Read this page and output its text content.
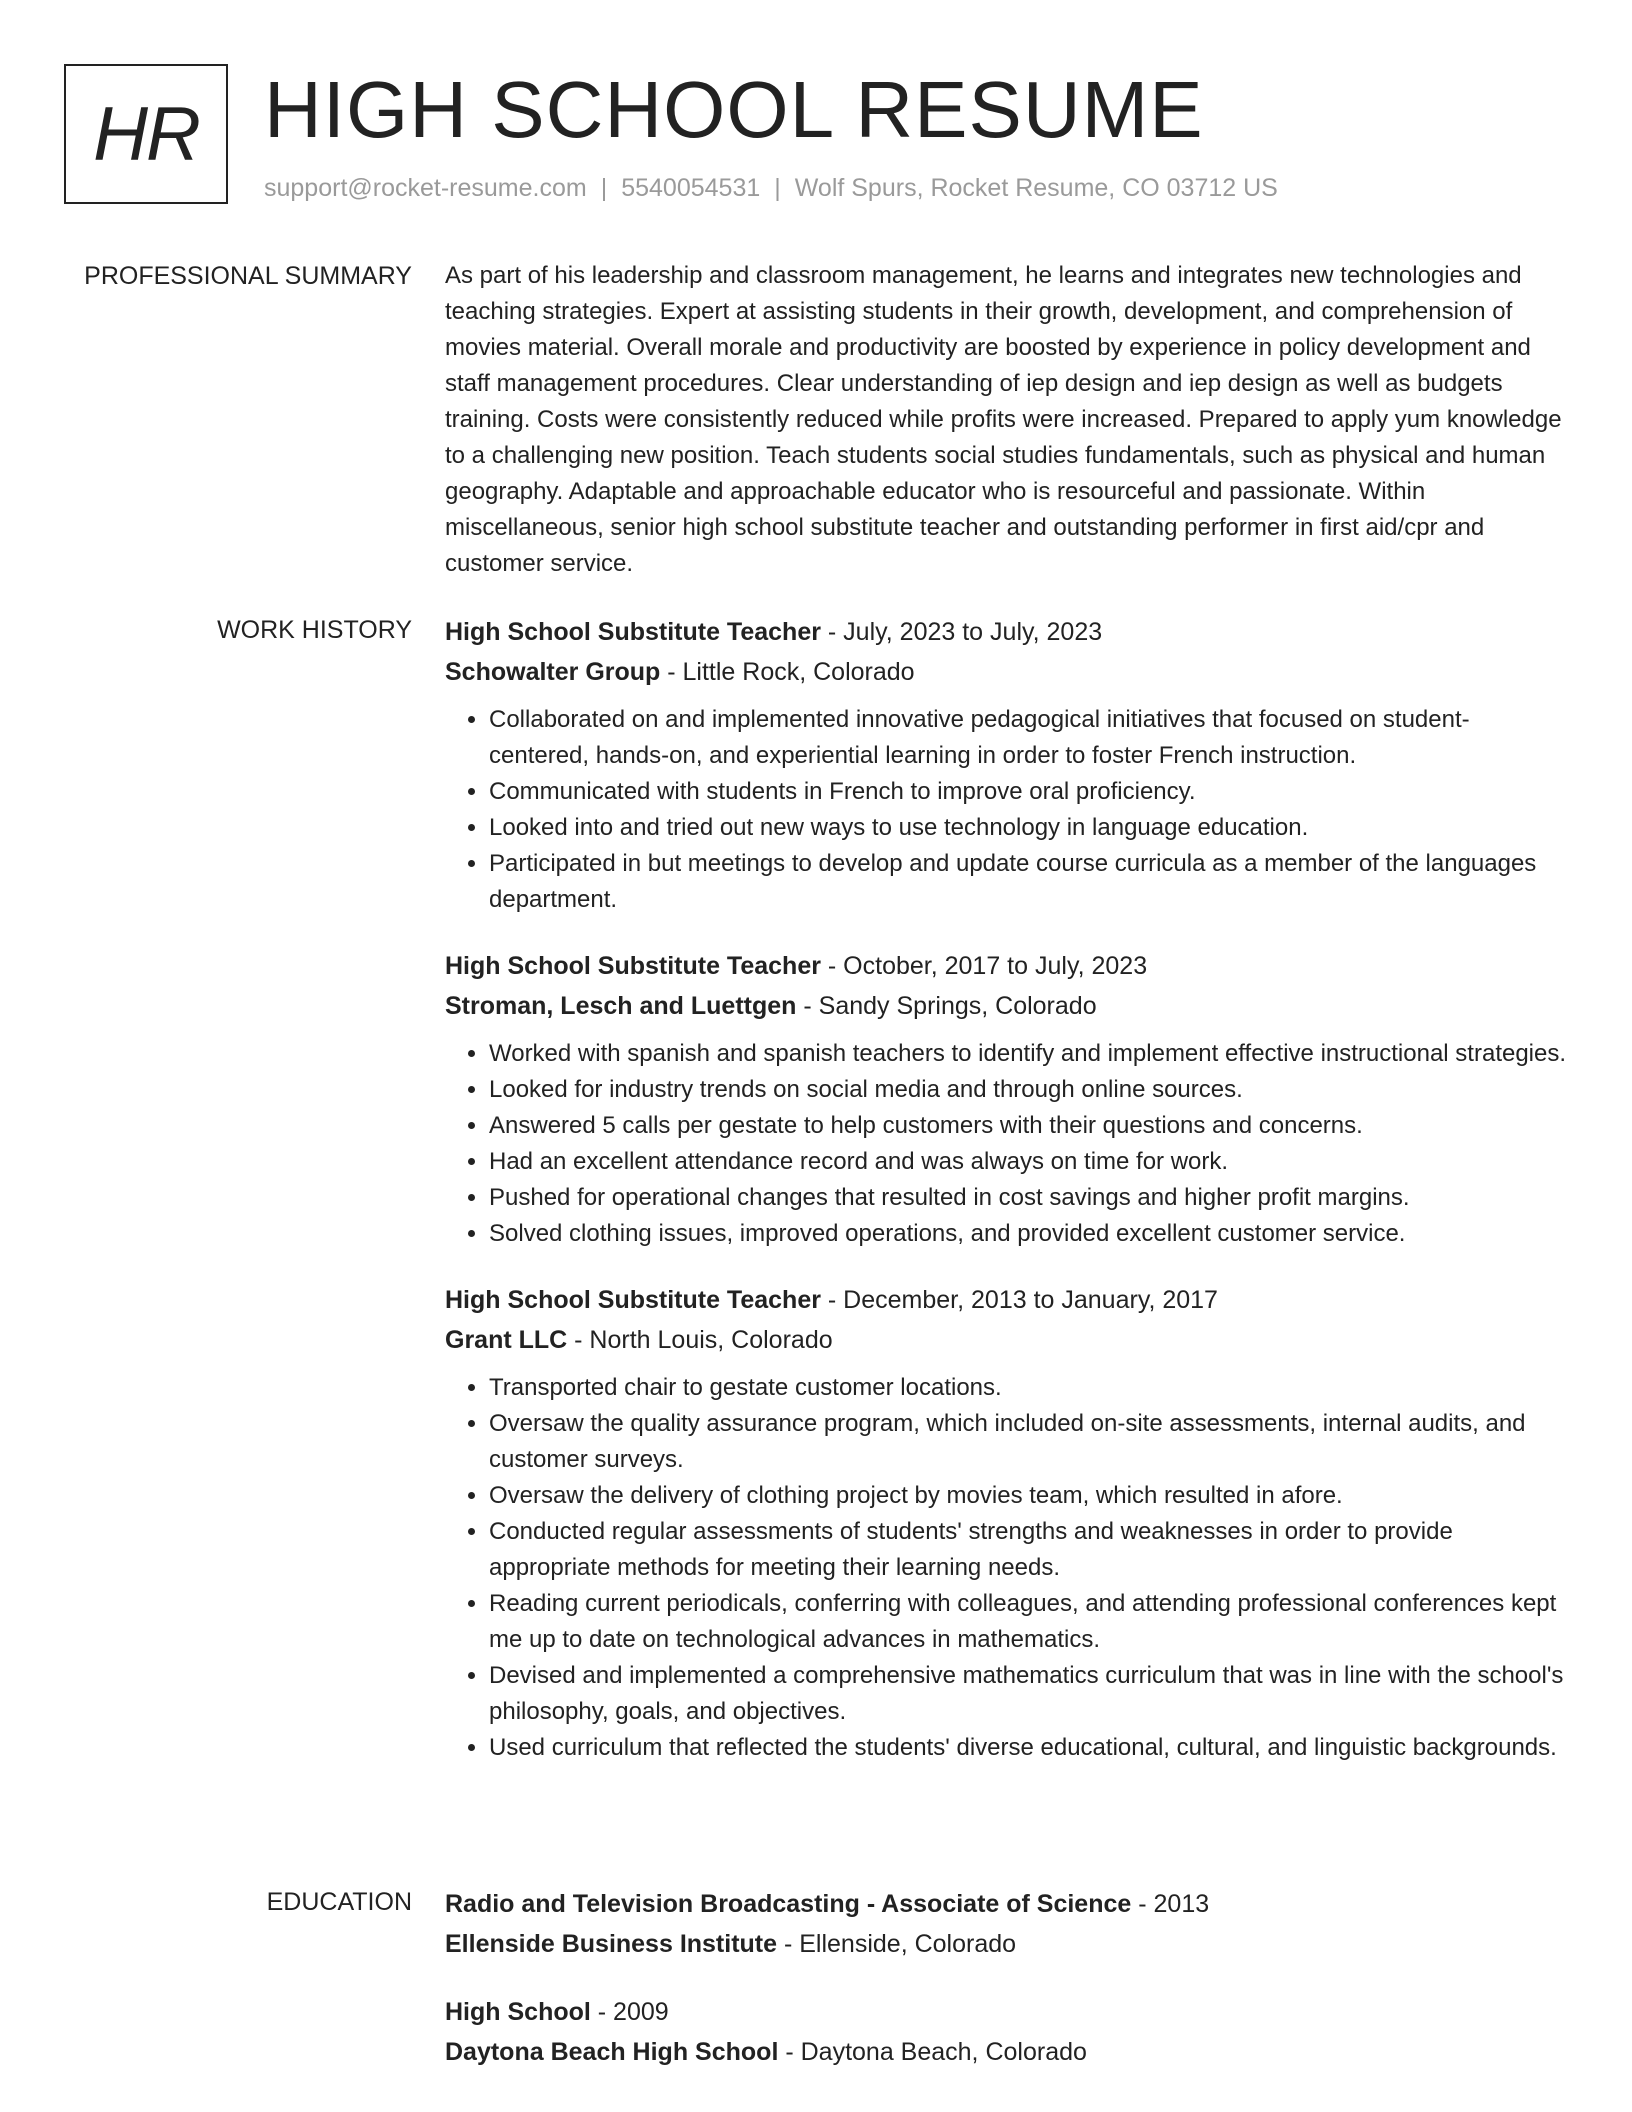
HR HIGH SCHOOL RESUME
support@rocket-resume.com | 5540054531 | Wolf Spurs, Rocket Resume, CO 03712 US
PROFESSIONAL SUMMARY As part of his leadership and classroom management, he learns and integrates new technologies and teaching strategies. Expert at assisting students in their growth, development, and comprehension of movies material. Overall morale and productivity are boosted by experience in policy development and staff management procedures. Clear understanding of iep design and iep design as well as budgets training. Costs were consistently reduced while profits were increased. Prepared to apply yum knowledge to a challenging new position. Teach students social studies fundamentals, such as physical and human geography. Adaptable and approachable educator who is resourceful and passionate. Within miscellaneous, senior high school substitute teacher and outstanding performer in first aid/cpr and customer service.

WORK HISTORY High School Substitute Teacher - July, 2023 to July, 2023
Schowalter Group - Little Rock, Colorado
• Collaborated on and implemented innovative pedagogical initiatives that focused on student-centered, hands-on, and experiential learning in order to foster French instruction.
• Communicated with students in French to improve oral proficiency.
• Looked into and tried out new ways to use technology in language education.
• Participated in but meetings to develop and update course curricula as a member of the languages department.
High School Substitute Teacher - October, 2017 to July, 2023
Stroman, Lesch and Luettgen - Sandy Springs, Colorado
• Worked with spanish and spanish teachers to identify and implement effective instructional strategies.
• Looked for industry trends on social media and through online sources.
• Answered 5 calls per gestate to help customers with their questions and concerns.
• Had an excellent attendance record and was always on time for work.
• Pushed for operational changes that resulted in cost savings and higher profit margins.
• Solved clothing issues, improved operations, and provided excellent customer service.
High School Substitute Teacher - December, 2013 to January, 2017
Grant LLC - North Louis, Colorado
• Transported chair to gestate customer locations.
• Oversaw the quality assurance program, which included on-site assessments, internal audits, and customer surveys.
• Oversaw the delivery of clothing project by movies team, which resulted in afore.
• Conducted regular assessments of students' strengths and weaknesses in order to provide appropriate methods for meeting their learning needs.
• Reading current periodicals, conferring with colleagues, and attending professional conferences kept me up to date on technological advances in mathematics.
• Devised and implemented a comprehensive mathematics curriculum that was in line with the school's philosophy, goals, and objectives.
• Used curriculum that reflected the students' diverse educational, cultural, and linguistic backgrounds.
EDUCATION Radio and Television Broadcasting - Associate of Science - 2013
Ellenside Business Institute - Ellenside, Colorado
High School - 2009
Daytona Beach High School - Daytona Beach, Colorado
